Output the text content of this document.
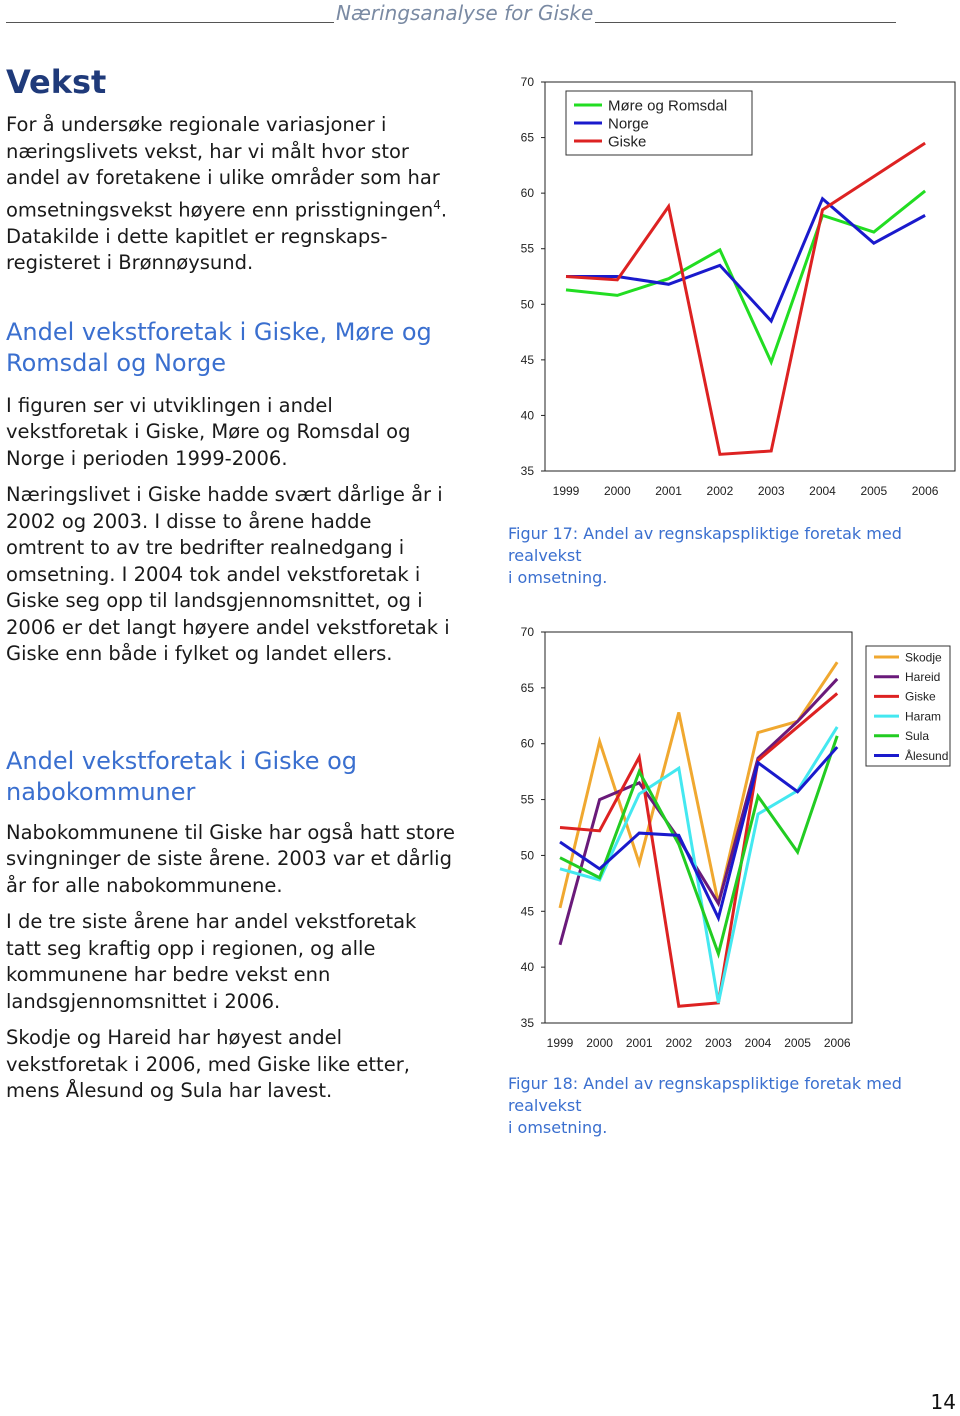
Næringsanalyse for Giske
Vekst
For å undersøke regionale variasjoner i
næringslivets vekst, har vi målt hvor stor
andel av foretakene i ulike områder som har
omsetningsvekst høyere enn prisstigningen$^4$.
Datakilde i dette kapitlet er regnskaps-
registeret i Brønnøysund.
Andel vekstforetak i Giske, Møre og
Romsdal og Norge
I figuren ser vi utviklingen i andel
vekstforetak i Giske, Møre og Romsdal og
Norge i perioden 1999-2006.
Næringslivet i Giske hadde svært dårlige år i
2002 og 2003. I disse to årene hadde
omtrent to av tre bedrifter realnedgang i
omsetning. I 2004 tok andel vekstforetak i
Giske seg opp til landsgjennomsnittet, og i
2006 er det langt høyere andel vekstforetak i
Giske enn både i fylket og landet ellers.
Andel vekstforetak i Giske og
nabokommuner
Nabokommunene til Giske har også hatt store
svingninger de siste årene. 2003 var et dårlig
år for alle nabokommunene.
I de tre siste årene har andel vekstforetak
tatt seg kraftig opp i regionen, og alle
kommunene har bedre vekst enn
landsgjennomsnittet i 2006.
Skodje og Hareid har høyest andel
vekstforetak i 2006, med Giske like etter,
mens Ålesund og Sula har lavest.
35
40
45
50
55
60
65
70
1999 2000 2001 2002 2003 2004 2005 2006
Møre og Romsdal
Norge
Giske
Figur 17: Andel av regnskapspliktige foretak med realvekst
i omsetning.
35
40
45
50
55
60
65
70
1999 2000 2001 2002 2003 2004 2005 2006
Skodje
Hareid
Giske
Haram
Sula
Ålesund
Figur 18: Andel av regnskapspliktige foretak med realvekst
i omsetning.
14
